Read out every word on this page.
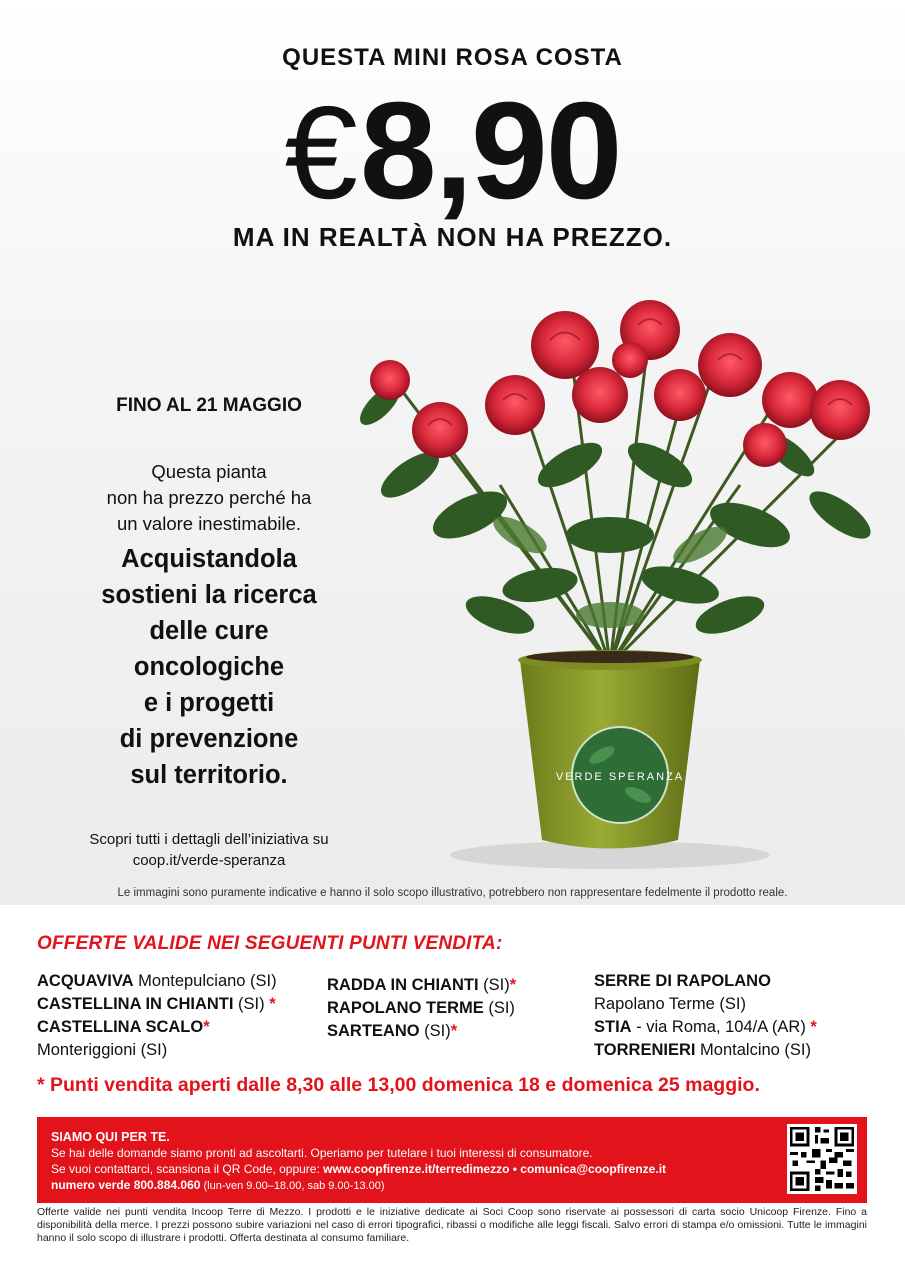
QUESTA MINI ROSA COSTA
€8,90
MA IN REALTÀ NON HA PREZZO.
FINO AL 21 MAGGIO
Questa pianta
non ha prezzo perché ha
un valore inestimabile.
Acquistandola
sostieni la ricerca
delle cure
oncologiche
e i progetti
di prevenzione
sul territorio.
Scopri tutti i dettagli dell’iniziativa su
coop.it/verde-speranza
VERDE SPERANZA
Le immagini sono puramente indicative e hanno il solo scopo illustrativo, potrebbero non rappresentare fedelmente il prodotto reale.
OFFERTE VALIDE NEI SEGUENTI PUNTI VENDITA:
ACQUAVIVA Montepulciano (SI)
CASTELLINA IN CHIANTI (SI) *
CASTELLINA SCALO*
Monteriggioni (SI)
RADDA IN CHIANTI (SI)*
RAPOLANO TERME (SI)
SARTEANO (SI)*
SERRE DI RAPOLANO
Rapolano Terme (SI)
STIA - via Roma, 104/A (AR) *
TORRENIERI Montalcino (SI)
* Punti vendita aperti dalle 8,30 alle 13,00 domenica 18 e domenica 25 maggio.
SIAMO QUI PER TE.
Se hai delle domande siamo pronti ad ascoltarti. Operiamo per tutelare i tuoi interessi di consumatore.
Se vuoi contattarci, scansiona il QR Code, oppure: www.coopfirenze.it/terredimezzo • comunica@coopfirenze.it
numero verde 800.884.060 (lun-ven 9.00–18.00, sab 9.00-13.00)
Offerte valide nei punti vendita Incoop Terre di Mezzo. I prodotti e le iniziative dedicate ai Soci Coop sono riservate ai possessori di carta socio Unicoop Firenze. Fino a disponibilità della merce. I prezzi possono subire variazioni nel caso di errori tipografici, ribassi o modifiche alle leggi fiscali. Salvo errori di stampa e/o omissioni. Tutte le immagini hanno il solo scopo di illustrare i prodotti. Offerta destinata al consumo familiare.
